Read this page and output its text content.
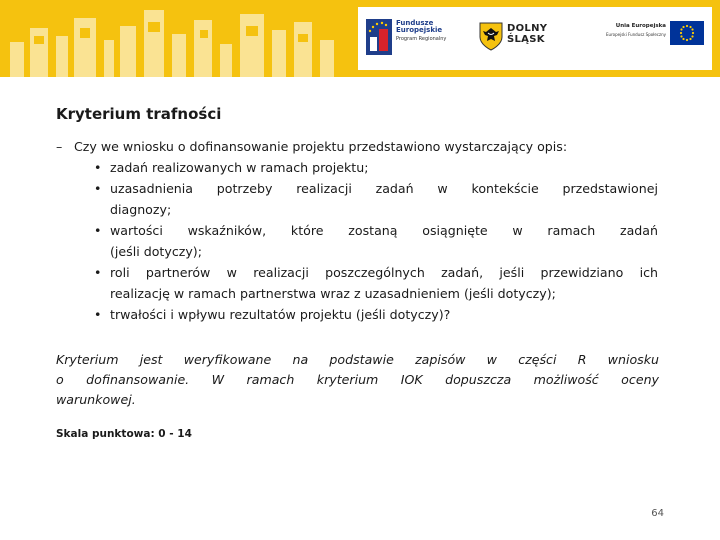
Fundusze
Europejskie
Program Regionalny
DOLNY
ŚLĄSK
Unia Europejska
Europejski Fundusz Społeczny
Kryterium trafności
– Czy we wniosku o dofinansowanie projektu przedstawiono wystarczający opis:
• zadań realizowanych w ramach projektu;
• uzasadnienia potrzeby realizacji zadań w kontekście przedstawionej
diagnozy;
• wartości wskaźników, które zostaną osiągnięte w ramach zadań
(jeśli dotyczy);
• roli partnerów w realizacji poszczególnych zadań, jeśli przewidziano ich
realizację w ramach partnerstwa wraz z uzasadnieniem (jeśli dotyczy);
• trwałości i wpływu rezultatów projektu (jeśli dotyczy)?

Kryterium jest weryfikowane na podstawie zapisów w części R wniosku
o dofinansowanie. W ramach kryterium IOK dopuszcza możliwość oceny
warunkowej.

Skala punktowa: 0 - 14

64
